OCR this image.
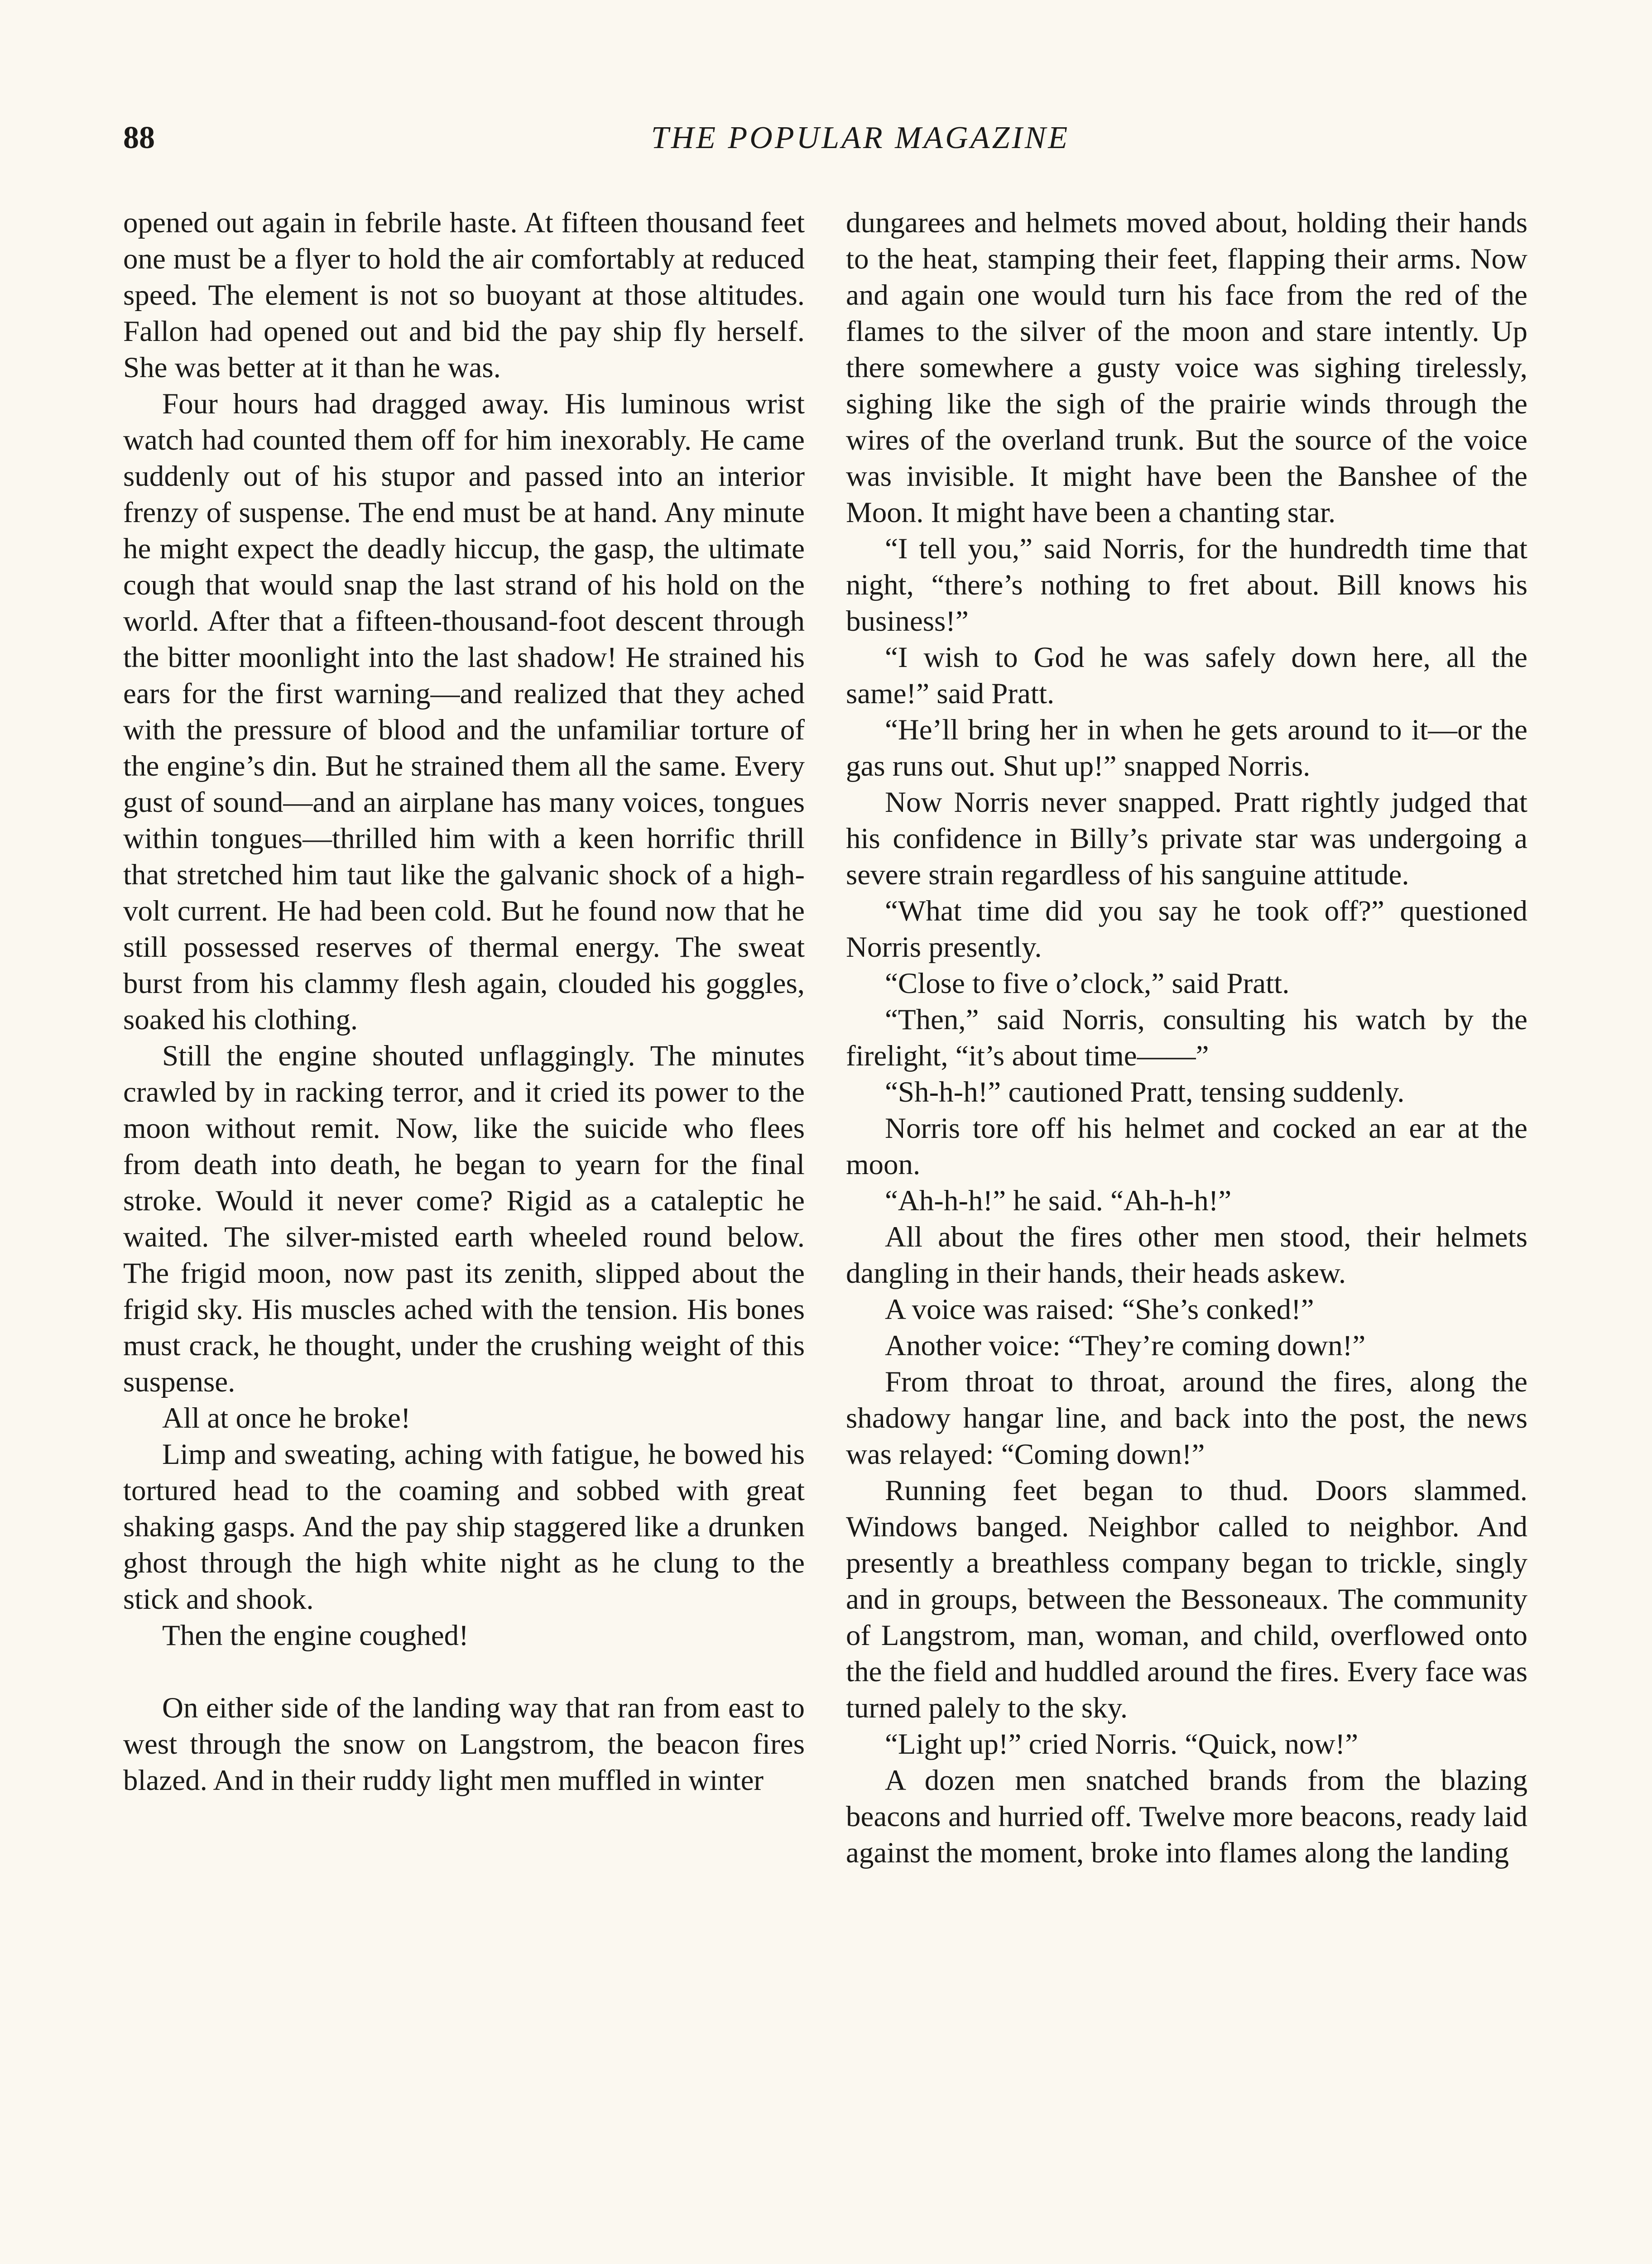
88	THE POPULAR MAGAZINE

opened out again in febrile haste. At fifteen thousand feet one must be a flyer to hold the air comfortably at reduced speed. The element is not so buoyant at those altitudes. Fallon had opened out and bid the pay ship fly herself. She was better at it than he was.

Four hours had dragged away. His luminous wrist watch had counted them off for him inexorably. He came suddenly out of his stupor and passed into an interior frenzy of suspense. The end must be at hand. Any minute he might expect the deadly hiccup, the gasp, the ultimate cough that would snap the last strand of his hold on the world. After that a fifteen-thousand-foot descent through the bitter moonlight into the last shadow! He strained his ears for the first warning—and realized that they ached with the pressure of blood and the unfamiliar torture of the engine’s din. But he strained them all the same. Every gust of sound—and an airplane has many voices, tongues within tongues—thrilled him with a keen horrific thrill that stretched him taut like the galvanic shock of a high-volt current. He had been cold. But he found now that he still possessed reserves of thermal energy. The sweat burst from his clammy flesh again, clouded his goggles, soaked his clothing.

Still the engine shouted unflaggingly. The minutes crawled by in racking terror, and it cried its power to the moon without remit. Now, like the suicide who flees from death into death, he began to yearn for the final stroke. Would it never come? Rigid as a cataleptic he waited. The silver-misted earth wheeled round below. The frigid moon, now past its zenith, slipped about the frigid sky. His muscles ached with the tension. His bones must crack, he thought, under the crushing weight of this suspense.

All at once he broke!

Limp and sweating, aching with fatigue, he bowed his tortured head to the coaming and sobbed with great shaking gasps. And the pay ship staggered like a drunken ghost through the high white night as he clung to the stick and shook.

Then the engine coughed!

On either side of the landing way that ran from east to west through the snow on Langstrom, the beacon fires blazed. And in their ruddy light men muffled in winter

dungarees and helmets moved about, holding their hands to the heat, stamping their feet, flapping their arms. Now and again one would turn his face from the red of the flames to the silver of the moon and stare intently. Up there somewhere a gusty voice was sighing tirelessly, sighing like the sigh of the prairie winds through the wires of the overland trunk. But the source of the voice was invisible. It might have been the Banshee of the Moon. It might have been a chanting star.

“I tell you,” said Norris, for the hundredth time that night, “there’s nothing to fret about. Bill knows his business!”

“I wish to God he was safely down here, all the same!” said Pratt.

“He’ll bring her in when he gets around to it—or the gas runs out. Shut up!” snapped Norris.

Now Norris never snapped. Pratt rightly judged that his confidence in Billy’s private star was undergoing a severe strain regardless of his sanguine attitude.

“What time did you say he took off?” questioned Norris presently.

“Close to five o’clock,” said Pratt.

“Then,” said Norris, consulting his watch by the firelight, “it’s about time——”

“Sh-h-h!” cautioned Pratt, tensing suddenly.

Norris tore off his helmet and cocked an ear at the moon.

“Ah-h-h!” he said. “Ah-h-h!”

All about the fires other men stood, their helmets dangling in their hands, their heads askew.

A voice was raised: “She’s conked!”

Another voice: “They’re coming down!”

From throat to throat, around the fires, along the shadowy hangar line, and back into the post, the news was relayed: “Coming down!”

Running feet began to thud. Doors slammed. Windows banged. Neighbor called to neighbor. And presently a breathless company began to trickle, singly and in groups, between the Bessoneaux. The community of Langstrom, man, woman, and child, overflowed onto the the field and huddled around the fires. Every face was turned palely to the sky.

“Light up!” cried Norris. “Quick, now!”

A dozen men snatched brands from the blazing beacons and hurried off. Twelve more beacons, ready laid against the moment, broke into flames along the landing
